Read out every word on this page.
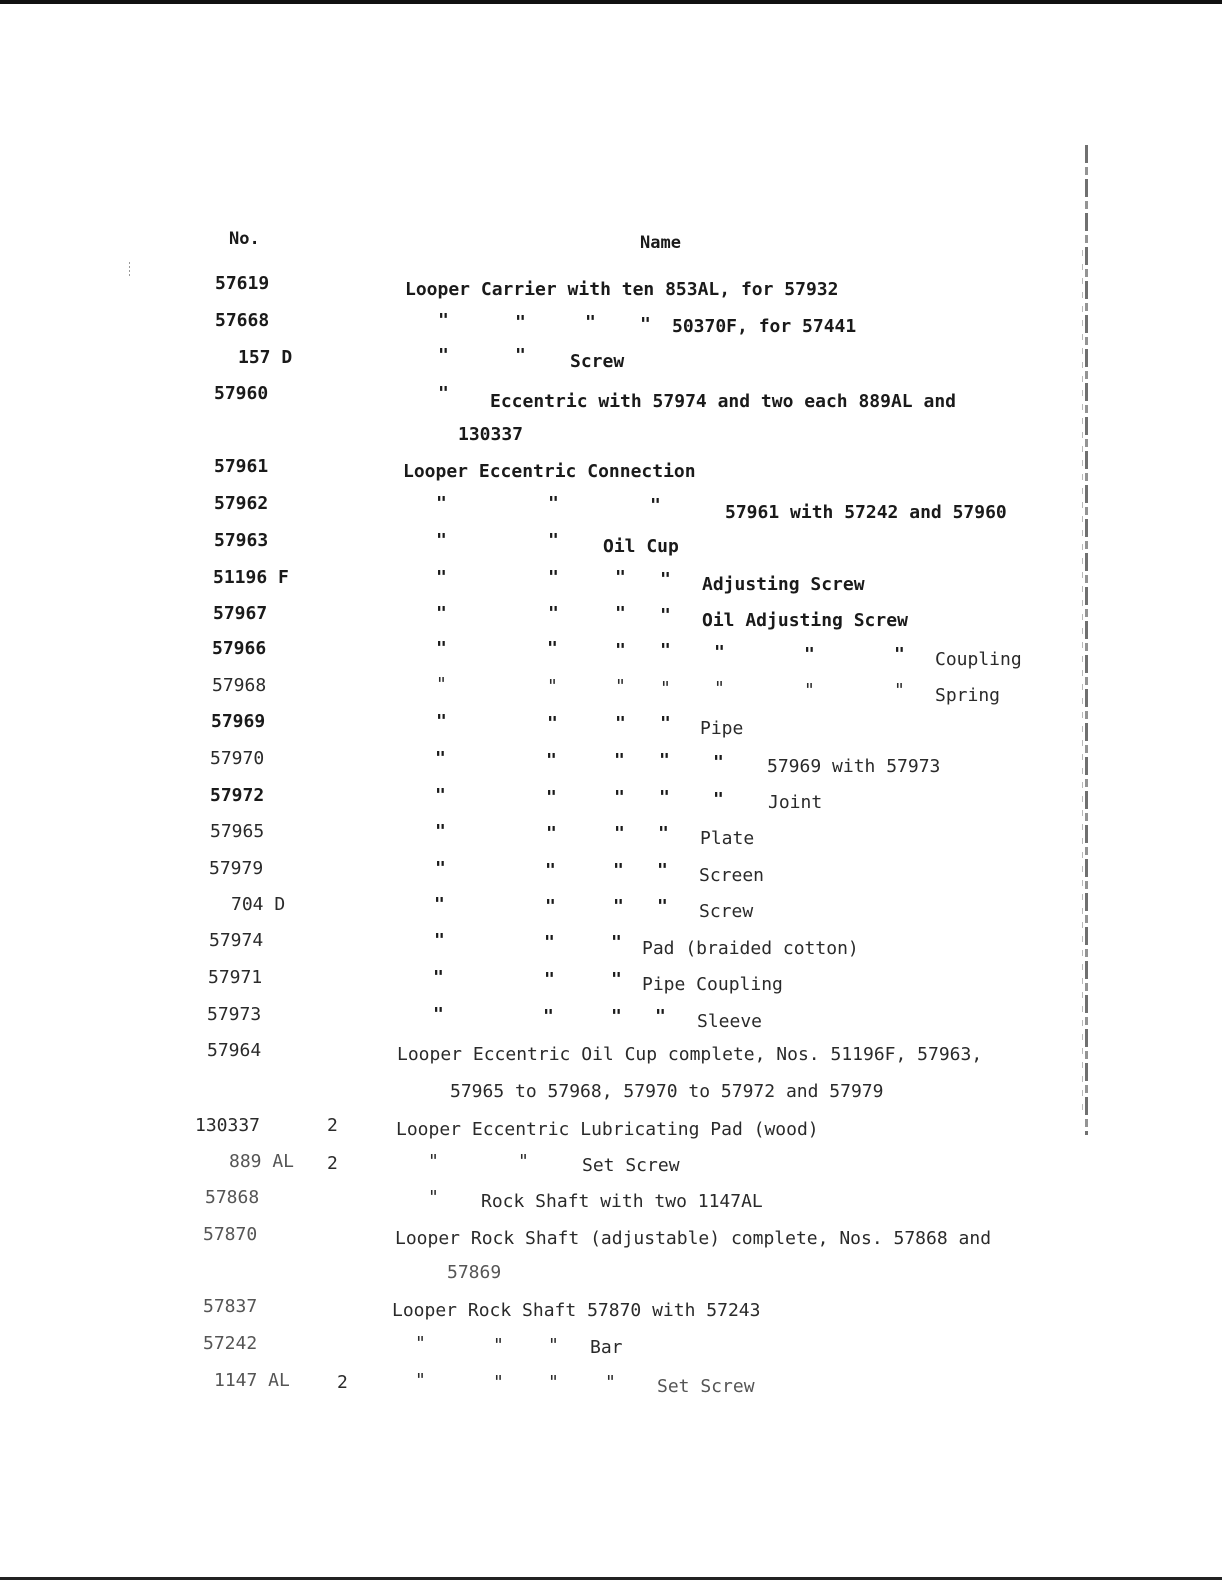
No.	Name
57619	Looper Carrier with ten 853AL, for 57932
57668	"	"	" " 50370F, for 57441
157 D	"	" Screw
57960	" Eccentric with 57974 and two each 889AL and
130337
57961	Looper Eccentric Connection
57962	"	"	"	57961 with 57242 and 57960
57963	"	" Oil Cup
51196 F	"	"	" " Adjusting Screw
57967	"	"	" " Oil Adjusting Screw
57966	"	"	" " "	"	" Coupling
57968	"	"	" " "	"	" Spring
57969	"	"	" " Pipe
57970	"	"	" " " 57969 with 57973
57972	"	"	" " " Joint
57965	"	"	" " Plate
57979	"	"	" " Screen
704 D	"	"	" " Screw
57974	"	"	" Pad (braided cotton)
57971	"	"	" Pipe Coupling
57973	"	"	" " Sleeve
57964	Looper Eccentric Oil Cup complete, Nos. 51196F, 57963,
57965 to 57968, 57970 to 57972 and 57979
130337	2	Looper Eccentric Lubricating Pad (wood)
889 AL 2	"	"	Set Screw
57868	" Rock Shaft with two 1147AL
57870	Looper Rock Shaft (adjustable) complete, Nos. 57868 and
57869
57837	Looper Rock Shaft 57870 with 57243
57242	"	" " Bar
1147 AL	2	"	" "	" Set Screw
